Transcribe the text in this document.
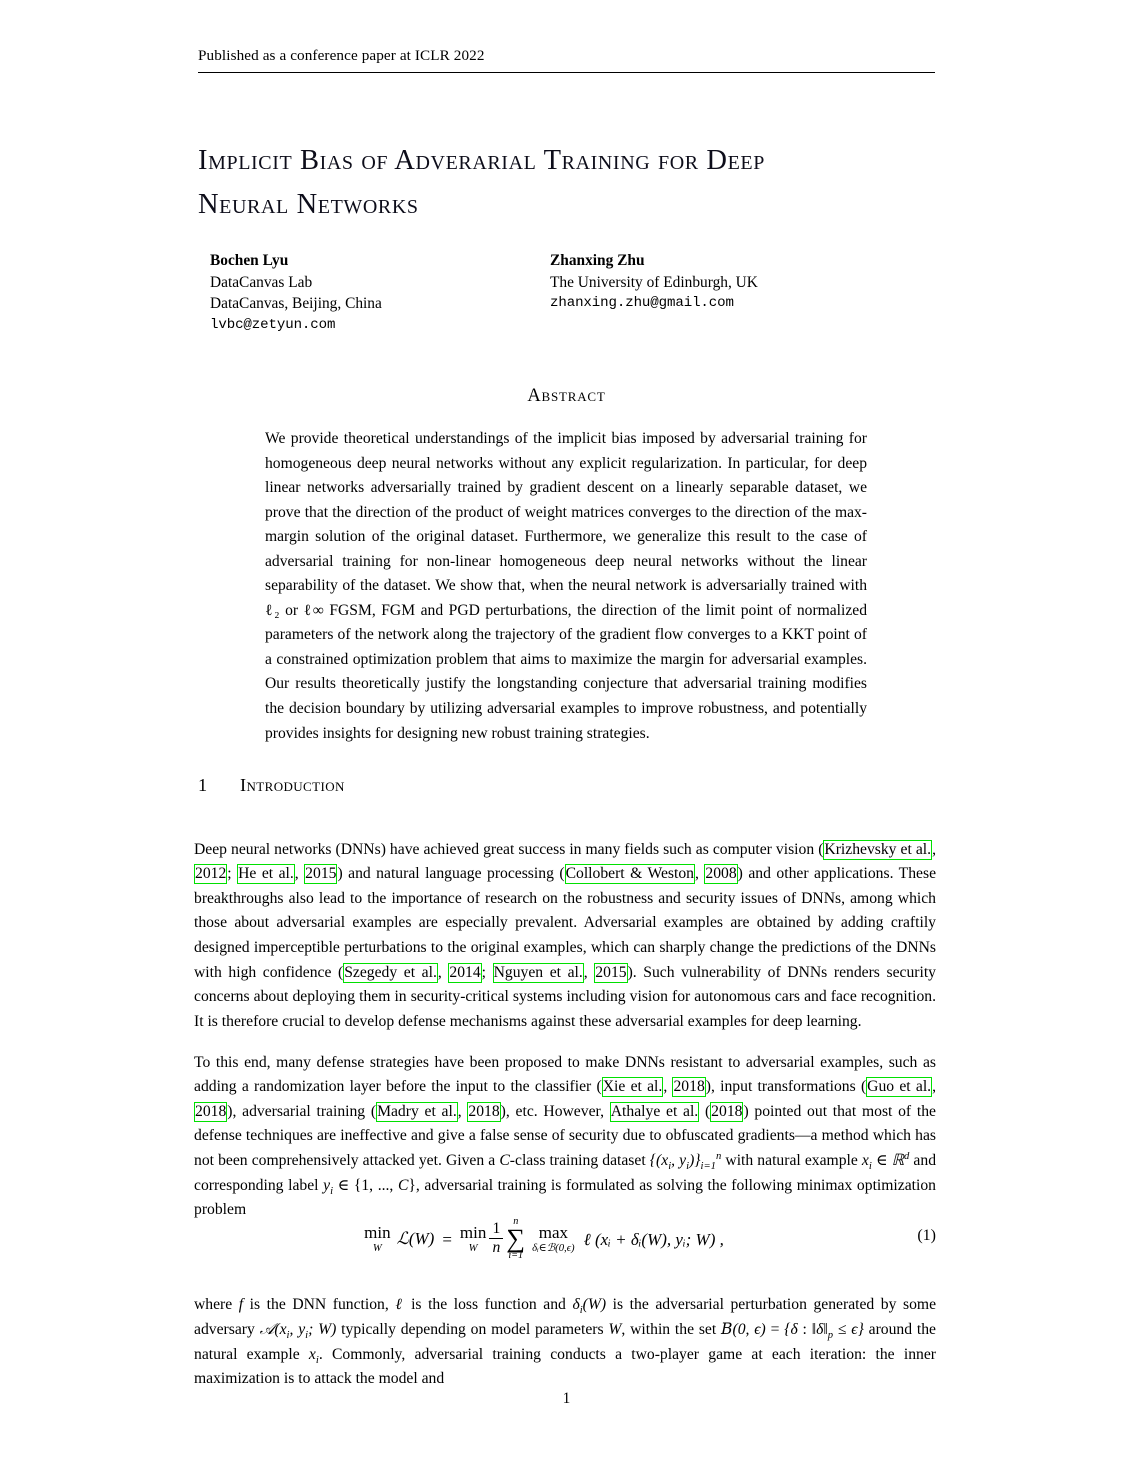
Published as a conference paper at ICLR 2022
Implicit Bias of Adverarial Training for Deep
Neural Networks
Bochen Lyu
DataCanvas Lab
DataCanvas, Beijing, China
lvbc@zetyun.com
Zhanxing Zhu
The University of Edinburgh, UK
zhanxing.zhu@gmail.com
Abstract
We provide theoretical understandings of the implicit bias imposed by adversarial training for homogeneous deep neural networks without any explicit regularization. In particular, for deep linear networks adversarially trained by gradient descent on a linearly separable dataset, we prove that the direction of the product of weight matrices converges to the direction of the max-margin solution of the original dataset. Furthermore, we generalize this result to the case of adversarial training for non-linear homogeneous deep neural networks without the linear separability of the dataset. We show that, when the neural network is adversarially trained with ℓ₂ or ℓ∞ FGSM, FGM and PGD perturbations, the direction of the limit point of normalized parameters of the network along the trajectory of the gradient flow converges to a KKT point of a constrained optimization problem that aims to maximize the margin for adversarial examples. Our results theoretically justify the longstanding conjecture that adversarial training modifies the decision boundary by utilizing adversarial examples to improve robustness, and potentially provides insights for designing new robust training strategies.
1 Introduction

Deep neural networks (DNNs) have achieved great success in many fields such as computer vision (Krizhevsky et al., 2012; He et al., 2015) and natural language processing (Collobert & Weston, 2008) and other applications. These breakthroughs also lead to the importance of research on the robustness and security issues of DNNs, among which those about adversarial examples are especially prevalent. Adversarial examples are obtained by adding craftily designed imperceptible perturbations to the original examples, which can sharply change the predictions of the DNNs with high confidence (Szegedy et al., 2014; Nguyen et al., 2015). Such vulnerability of DNNs renders security concerns about deploying them in security-critical systems including vision for autonomous cars and face recognition. It is therefore crucial to develop defense mechanisms against these adversarial examples for deep learning.

To this end, many defense strategies have been proposed to make DNNs resistant to adversarial examples, such as adding a randomization layer before the input to the classifier (Xie et al., 2018), input transformations (Guo et al., 2018), adversarial training (Madry et al., 2018), etc. However, Athalye et al. (2018) pointed out that most of the defense techniques are ineffective and give a false sense of security due to obfuscated gradients—a method which has not been comprehensively attacked yet. Given a C-class training dataset {($x_i$, $y_i)\}_{i=1}^n$ with natural example $x_i$ ∈ ℝ$^d$ and corresponding label $y_i$ ∈ {1, ..., C}, adversarial training is formulated as solving the following minimax optimization problem

min
W ℒ(W) = min
W $\frac{1}{n}$
n
∑
i=1
max
δᵢ∈ℬ(0,ϵ) ℓ (xᵢ + δᵢ(W), yᵢ; W) ,	(1)

where f is the DNN function, ℓ is the loss function and $\delta_i(W)$ is the adversarial perturbation generated by some adversary $𝒜(x_i$, $y_i$; W) typically depending on model parameters W, within the set 𝐵(0, ϵ) = {δ : $‖\delta‖_p \le \epsilon$} around the natural example $x_i$. Commonly, adversarial training conducts a two-player game at each iteration: the inner maximization is to attack the model and

1
